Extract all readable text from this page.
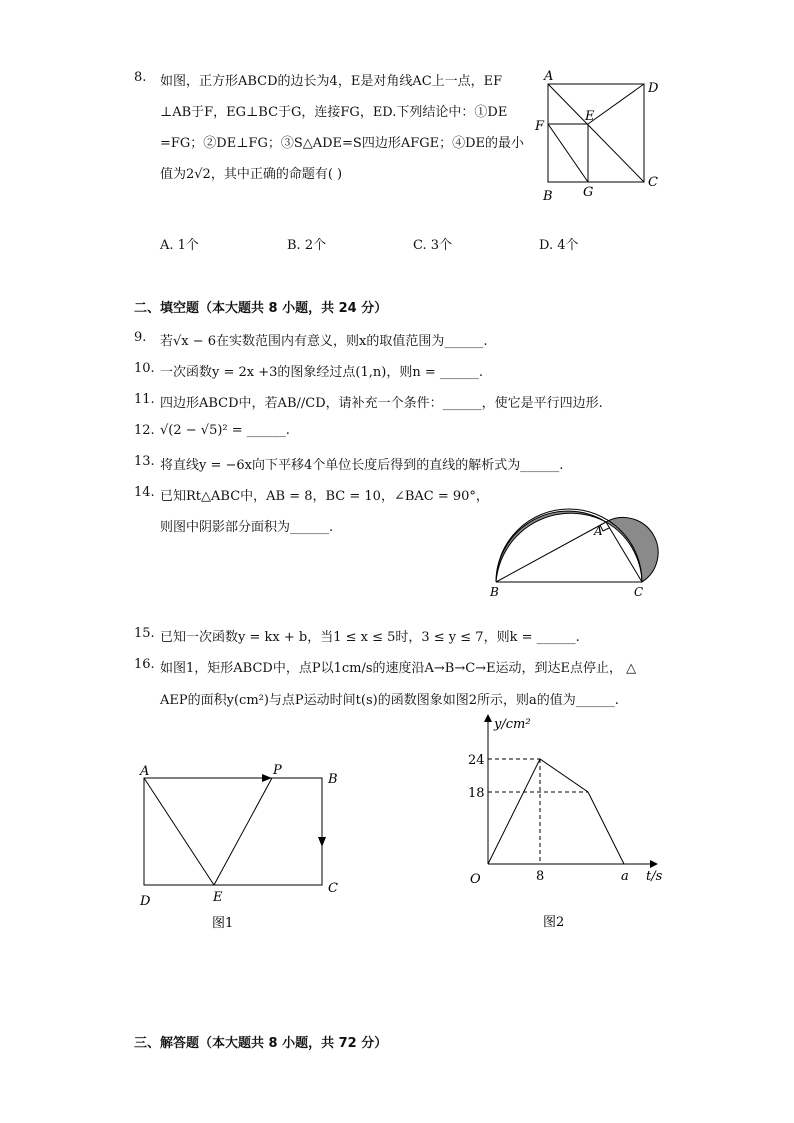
8. 如图，正方形ABCD的边长为4，E是对角线AC上一点，EF
⊥AB于F，EG⊥BC于G，连接FG，ED.下列结论中：①DE
=FG；②DE⊥FG；③S△ADE=S四边形AFGE；④DE的最小
值为2√2，其中正确的命题有( )
A
D
E
F
B G
C
A. 1个	B. 2个	C. 3个	D. 4个
二、填空题（本大题共 8 小题，共 24 分）
9. 若√x − 6在实数范围内有意义，则x的取值范围为______.
10. 一次函数y = 2x +3的图象经过点(1,n)，则n = ______.
11. 四边形ABCD中，若AB//CD，请补充一个条件：______，使它是平行四边形.
12. √(2 − √5)² = ______.
13. 将直线y = −6x向下平移4个单位长度后得到的直线的解析式为______.
14. 已知Rt△ABC中，AB = 8，BC = 10，∠BAC = 90°，
则图中阴影部分面积为______.	A
B	C
15. 已知一次函数y = kx + b，当1 ≤ x ≤ 5时，3 ≤ y ≤ 7，则k = ______.
16. 如图1，矩形ABCD中，点P以1cm/s的速度沿A→B→C→E运动，到达E点停止， △
AEP的面积y(cm²)与点P运动时间t(s)的函数图象如图2所示，则a的值为______.
A	P
B
D	E
C
图1
y/cm²
24
18
O	8	a t/s
图2
三、解答题（本大题共 8 小题，共 72 分）
